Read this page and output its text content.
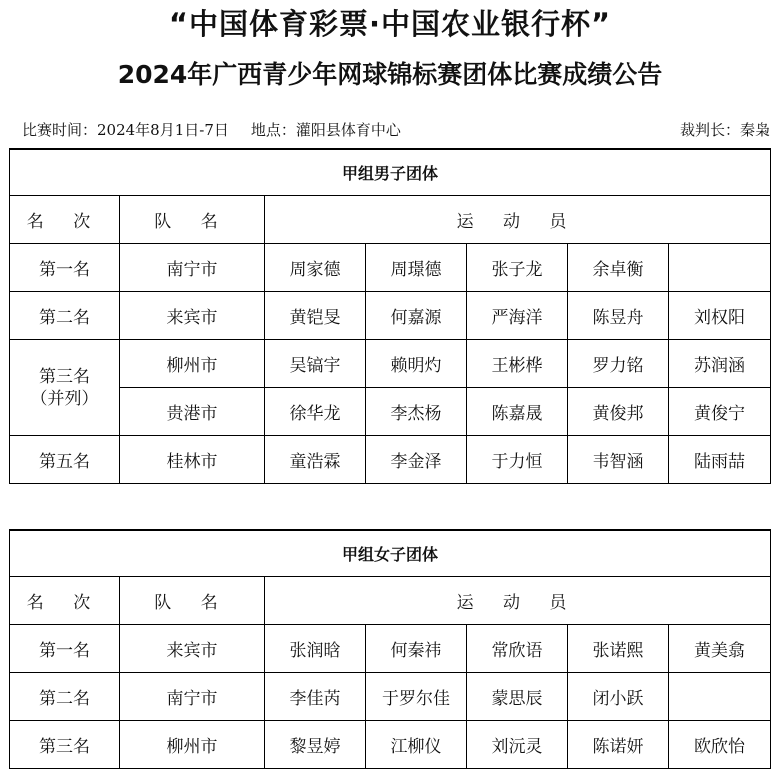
“中国体育彩票·中国农业银行杯”
2024年广西青少年网球锦标赛团体比赛成绩公告
比赛时间：2024年8月1日-7日 地点：灌阳县体育中心	裁判长：秦枭
甲组男子团体						
名 次	队 名	运 动 员				
第一名	南宁市	周家德	周璟德	张子龙	余卓衡	
第二名	来宾市	黄铠旻	何嘉源	严海洋	陈昱舟	刘权阳

第三名
（并列）	柳州市	吴镐宇	赖明灼	王彬桦	罗力铭	苏润涵
	贵港市	徐华龙	李杰杨	陈嘉晟	黄俊邦	黄俊宁
第五名	桂林市	童浩霖	李金泽	于力恒	韦智涵	陆雨喆
甲组女子团体						
名 次	队 名	运 动 员				
第一名	来宾市	张润晗	何秦祎	常欣语	张诺熙	黄美翕
第二名	南宁市	李佳芮	于罗尔佳	蒙思辰	闭小跃	
第三名	柳州市	黎昱婷	江柳仪	刘沅灵	陈诺妍	欧欣怡
